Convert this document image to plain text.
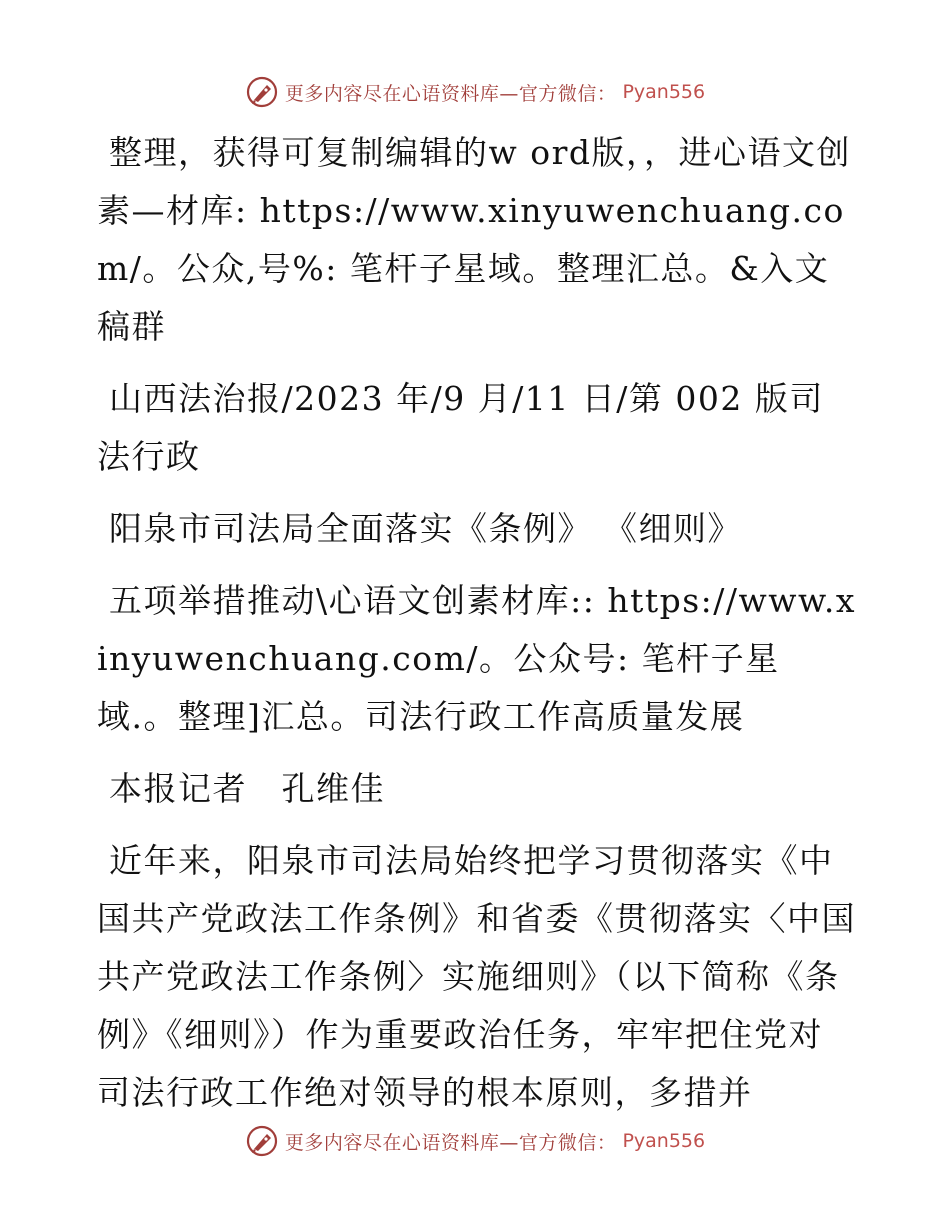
更多内容尽在心语资料库—官方微信： Pyan556

整理，获得可复制编辑的w ord版，，进心语文创素—材库: https://www.xinyuwenchuang.com/。公众,号%: 笔杆子星域。整理汇总。&入文稿群

山西法治报/2023 年/9 月/11 日/第 002 版司法行政

阳泉市司法局全面落实《条例》 《细则》

五项举措推动\心语文创素材库:: https://www.xinyuwenchuang.com/。公众号: 笔杆子星域.。整理]汇总。司法行政工作高质量发展

本报记者　孔维佳

近年来，阳泉市司法局始终把学习贯彻落实《中国共产党政法工作条例》和省委《贯彻落实〈中国共产党政法工作条例〉实施细则》（以下简称《条例》《细则》）作为重要政治任务，牢牢把住党对司法行政工作绝对领导的根本原则，多措并

更多内容尽在心语资料库—官方微信： Pyan556
